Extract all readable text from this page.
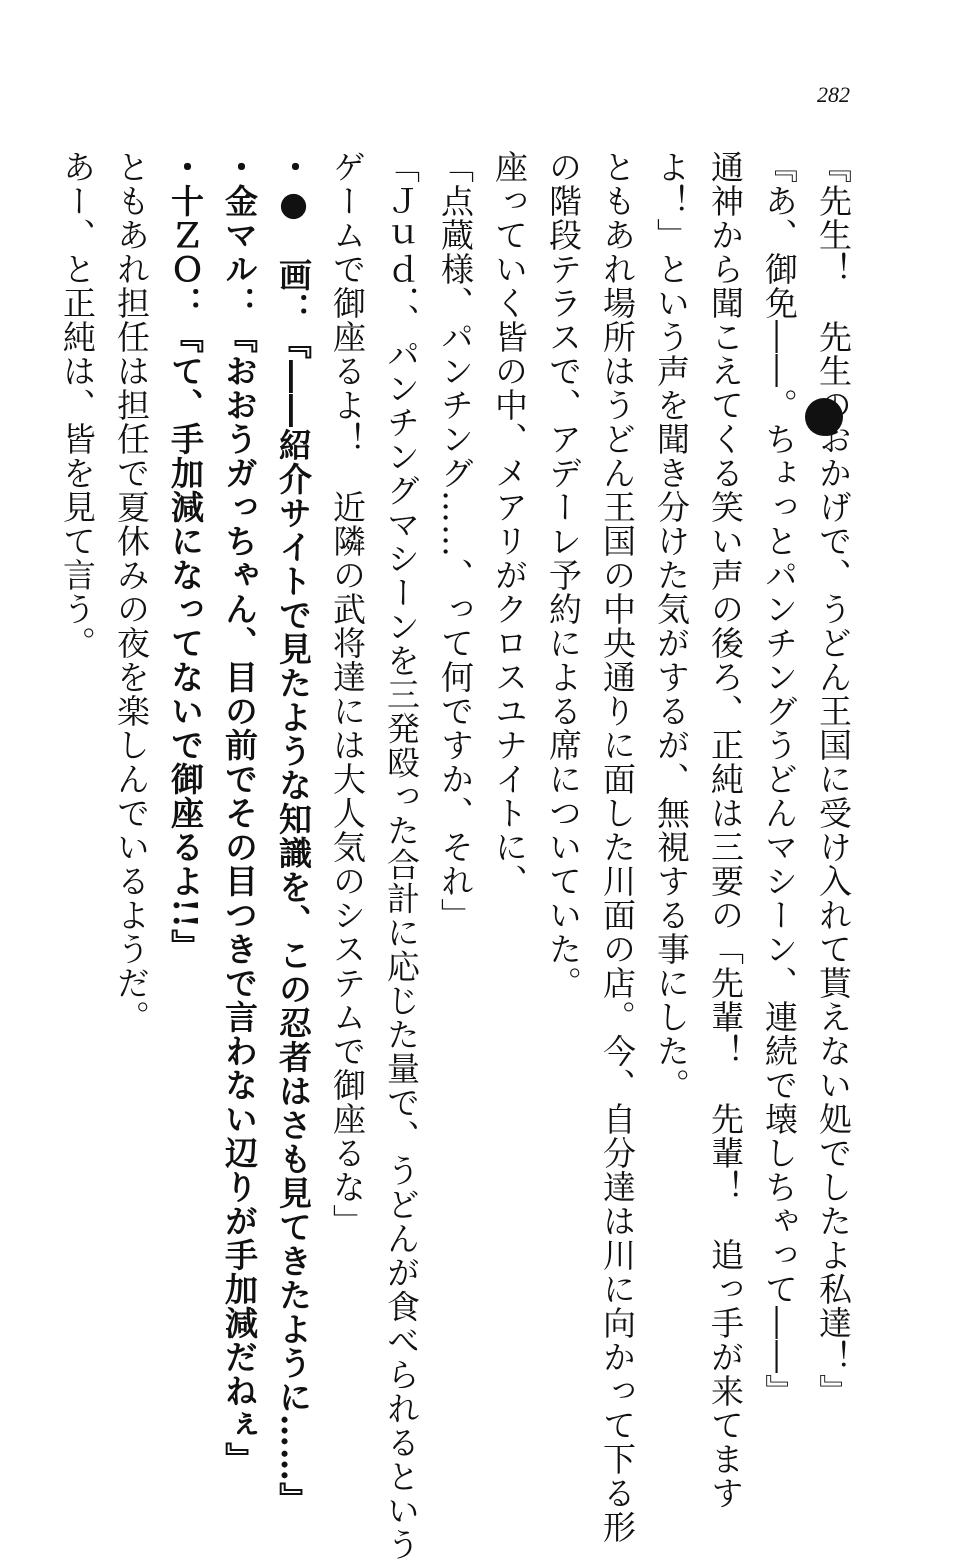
282

『先生！　先生のおかげで、うどん王国に受け入れて貰えない処でしたよ私達！』

『あ、御免――。ちょっとパンチングうどんマシーン、連続で壊しちゃって――』

通神から聞こえてくる笑い声の後ろ、正純は三要の「先輩！　先輩！　追っ手が来てます

よ！」という声を聞き分けた気がするが、無視する事にした。

ともあれ場所はうどん王国の中央通りに面した川面の店。今、自分達は川に向かって下る形

の階段テラスで、アデーレ予約による席についていた。

座っていく皆の中、メアリがクロスユナイトに、

「点蔵様、パンチング……、って何ですか、それ」

「Ｊｕｄ．、パンチングマシーンを三発殴った合計に応じた量で、うどんが食べられるという

ゲームで御座るよ！　近隣の武将達には大人気のシステムで御座るな」

・●　画：『――紹介サイトで見たような知識を、この忍者はさも見てきたように……』

・金マル：『おおうガっちゃん、目の前でその目つきで言わない辺りが手加減だねぇ』

・十ＺＯ：『て、手加減になってないで御座るよ!!』

ともあれ担任は担任で夏休みの夜を楽しんでいるようだ。

あー、と正純は、皆を見て言う。
